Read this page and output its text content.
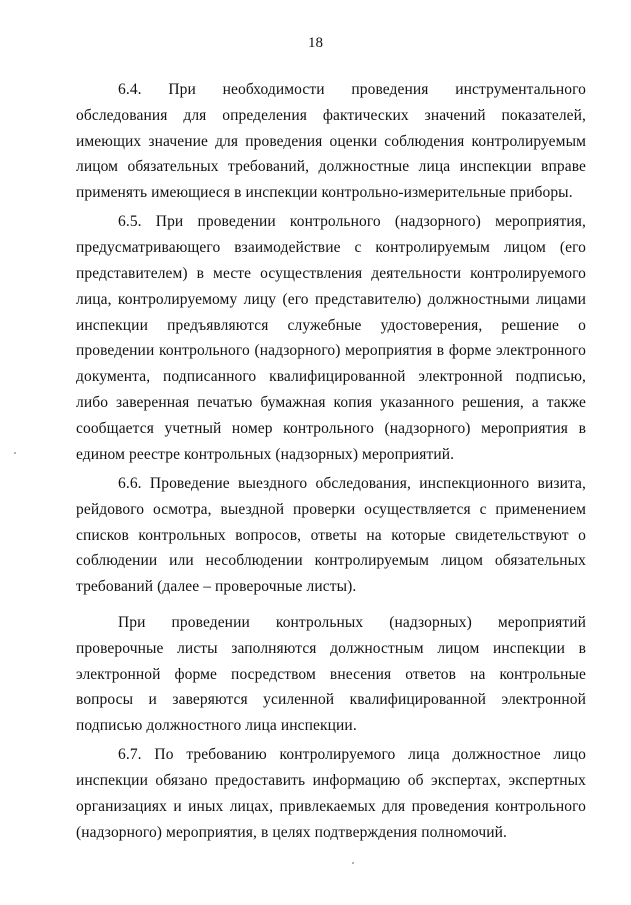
18

6.4. При необходимости проведения инструментального обследования для определения фактических значений показателей, имеющих значение для проведения оценки соблюдения контролируемым лицом обязательных требований, должностные лица инспекции вправе применять имеющиеся в инспекции контрольно-измерительные приборы.

6.5. При проведении контрольного (надзорного) мероприятия, предусматривающего взаимодействие с контролируемым лицом (его представителем) в месте осуществления деятельности контролируемого лица, контролируемому лицу (его представителю) должностными лицами инспекции предъявляются служебные удостоверения, решение о проведении контрольного (надзорного) мероприятия в форме электронного документа, подписанного квалифицированной электронной подписью, либо заверенная печатью бумажная копия указанного решения, а также сообщается учетный номер контрольного (надзорного) мероприятия в едином реестре контрольных (надзорных) мероприятий.

6.6. Проведение выездного обследования, инспекционного визита, рейдового осмотра, выездной проверки осуществляется с применением списков контрольных вопросов, ответы на которые свидетельствуют о соблюдении или несоблюдении контролируемым лицом обязательных требований (далее – проверочные листы).

При проведении контрольных (надзорных) мероприятий проверочные листы заполняются должностным лицом инспекции в электронной форме посредством внесения ответов на контрольные вопросы и заверяются усиленной квалифицированной электронной подписью должностного лица инспекции.

6.7. По требованию контролируемого лица должностное лицо инспекции обязано предоставить информацию об экспертах, экспертных организациях и иных лицах, привлекаемых для проведения контрольного (надзорного) мероприятия, в целях подтверждения полномочий.
